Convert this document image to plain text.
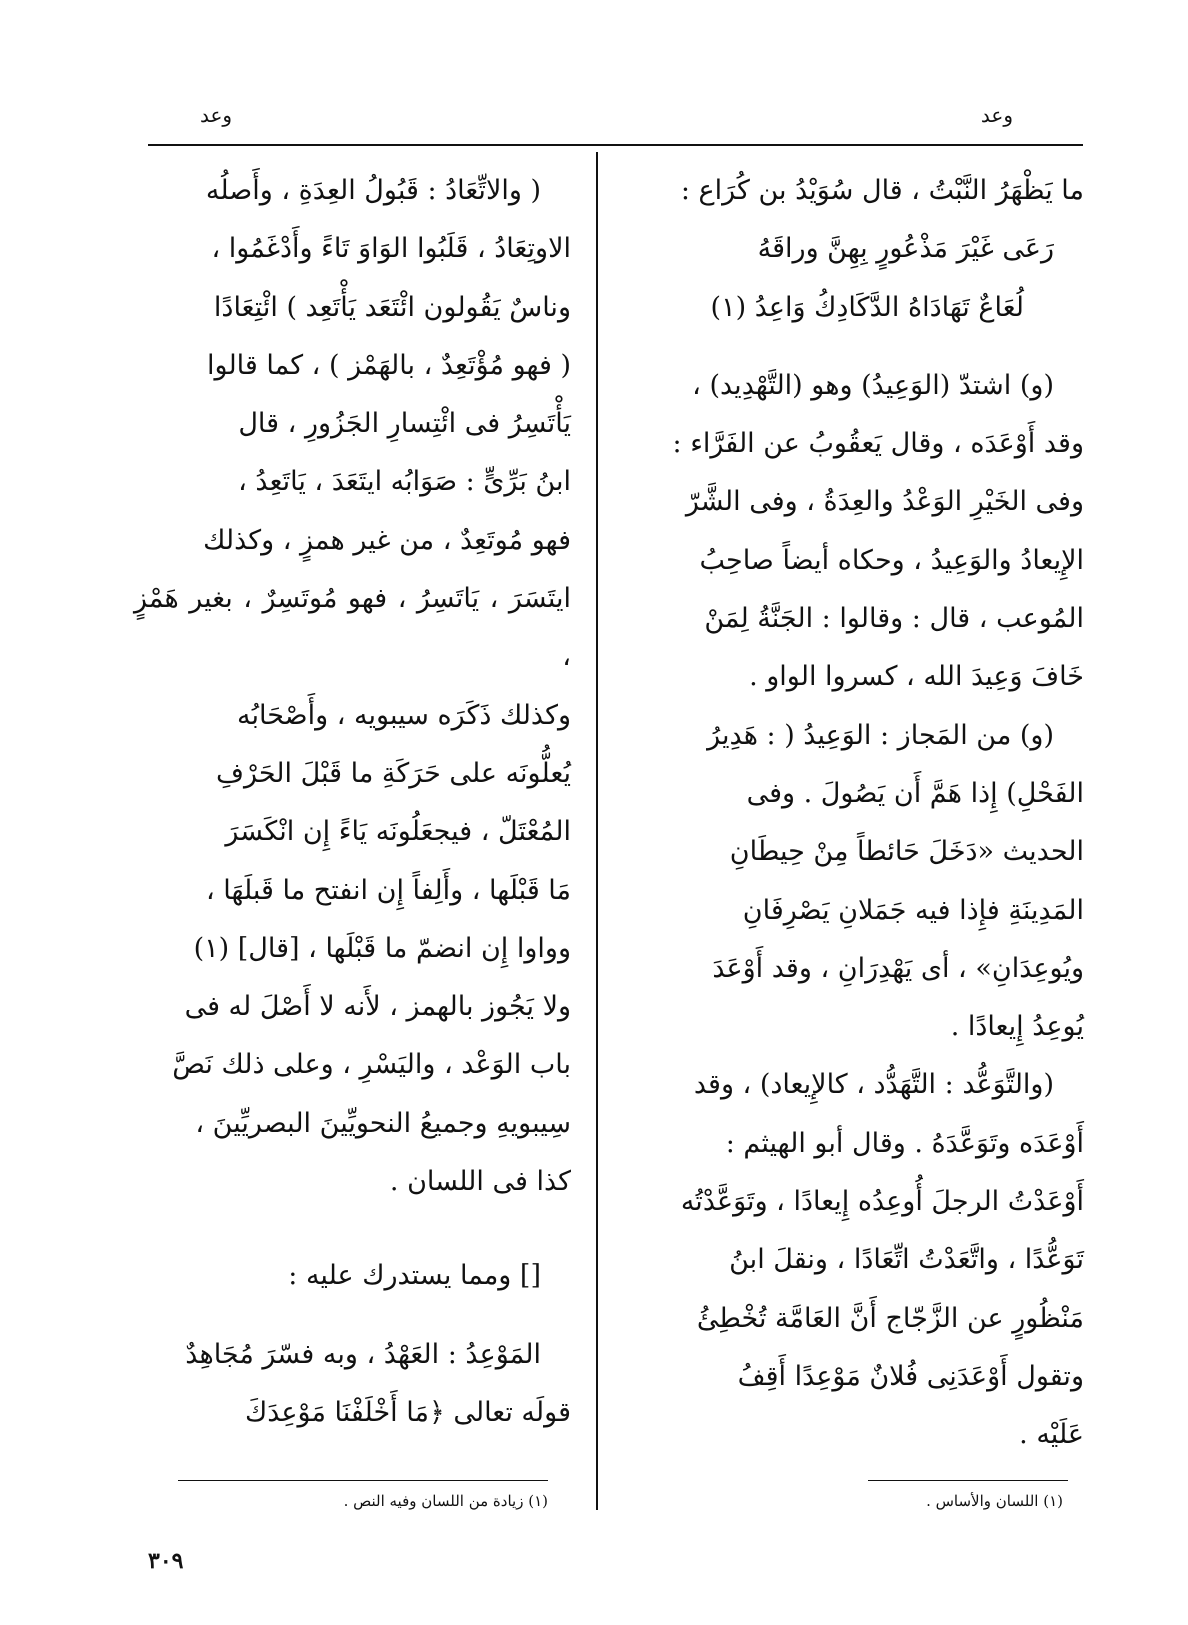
وعد
وعد

ما يَظْهَرُ النَّبْتُ ، قال سُوَيْدُ بن كُرَاع :

رَعَى غَيْرَ مَذْعُورٍ بِهِنَّ وراقَهُ

لُعَاعٌ تَهَادَاهُ الدَّكَادِكُ وَاعِدُ (١)

(و) اشتدّ (الوَعِيدُ) وهو (التَّهْدِيد) ،

وقد أَوْعَدَه ، وقال يَعقُوبُ عن الفَرَّاء :

وفى الخَيْرِ الوَعْدُ والعِدَةُ ، وفى الشَّرّ

الإِيعادُ والوَعِيدُ ، وحكاه أيضاً صاحِبُ

المُوعب ، قال : وقالوا : الجَنَّةُ لِمَنْ

خَافَ وَعِيدَ الله ، كسروا الواو .

(و) من المَجاز : الوَعِيدُ ( : هَدِيرُ

الفَحْلِ) إِذا هَمَّ أَن يَصُولَ . وفى

الحديث «دَخَلَ حَائطاً مِنْ حِيطَانِ

المَدِينَةِ فإِذا فيه جَمَلانِ يَصْرِفَانِ

ويُوعِدَانِ» ، أى يَهْدِرَانِ ، وقد أَوْعَدَ

يُوعِدُ إِيعادًا .

(والتَّوَعُّد : التَّهَدُّد ، كالإِيعاد) ، وقد

أَوْعَدَه وتَوَعَّدَهُ . وقال أبو الهيثم :

أَوْعَدْتُ الرجلَ أُوعِدُه إِيعادًا ، وتَوَعَّدْتُه

تَوَعُّدًا ، واتَّعَدْتُ اتِّعَادًا ، ونقلَ ابنُ

مَنْظُورٍ عن الزَّجّاج أَنَّ العَامَّة تُخْطِئُ

وتقول أَوْعَدَنِى فُلانٌ مَوْعِدًا أَقِفُ

عَلَيْه .

( والاتِّعَادُ : قَبُولُ العِدَةِ ، وأَصلُه

الاوتِعَادُ ، قَلَبُوا الوَاوَ تَاءً وأَدْغَمُوا ،

وناسٌ يَقُولون ائْتَعَد يَأْتَعِد ) ائْتِعَادًا

( فهو مُؤْتَعِدٌ ، بالهَمْز ) ، كما قالوا

يَأْتَسِرُ فى ائْتِسارِ الجَزُورِ ، قال

ابنُ بَرِّىٍّ : صَوَابُه ايتَعَدَ ، يَاتَعِدُ ،

فهو مُوتَعِدٌ ، من غير همزٍ ، وكذلك

ايتَسَرَ ، يَاتَسِرُ ، فهو مُوتَسِرٌ ، بغير هَمْزٍ ،

وكذلك ذَكَرَه سيبويه ، وأَصْحَابُه

يُعلُّونَه على حَرَكَةِ ما قَبْلَ الحَرْفِ

المُعْتَلّ ، فيجعَلُونَه يَاءً إِن انْكَسَرَ

مَا قَبْلَها ، وأَلِفاً إِن انفتح ما قَبلَهَا ،

وواوا إِن انضمّ ما قَبْلَها ، [قال] (١)

ولا يَجُوز بالهمز ، لأَنه لا أَصْلَ له فى

باب الوَعْد ، واليَسْرِ ، وعلى ذلك نَصَّ

سِيبويهِ وجميعُ النحويِّينَ البصريِّينَ ،

كذا فى اللسان .

[] ومما يستدرك عليه :

المَوْعِدُ : العَهْدُ ، وبه فسّرَ مُجَاهِدٌ

قولَه تعالى ﴿مَا أَخْلَفْنَا مَوْعِدَكَ

(١) اللسان والأساس .
(١) زيادة من اللسان وفيه النص .
٣٠٩
